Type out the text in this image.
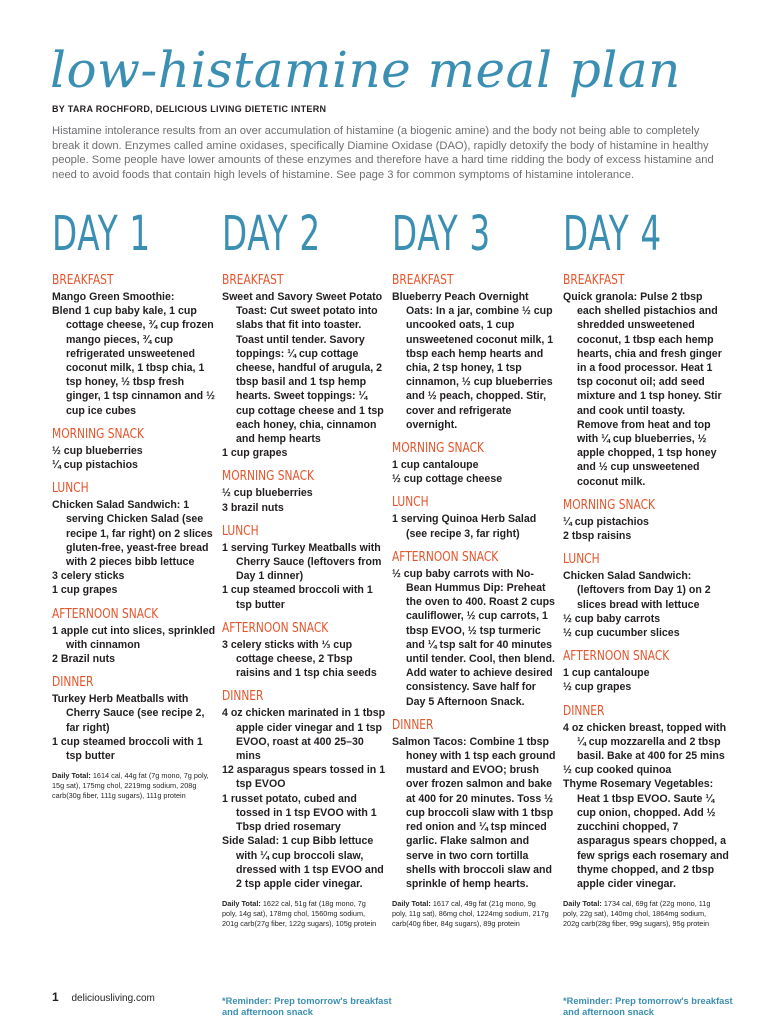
low-histamine meal plan
BY TARA ROCHFORD, DELICIOUS LIVING DIETETIC INTERN

Histamine intolerance results from an over accumulation of histamine (a biogenic amine) and the body not being able to completely break it down. Enzymes called amine oxidases, specifically Diamine Oxidase (DAO), rapidly detoxify the body of histamine in healthy people. Some people have lower amounts of these enzymes and therefore have a hard time ridding the body of excess histamine and need to avoid foods that contain high levels of histamine. See page 3 for common symptoms of histamine intolerance.

DAY 1
BREAKFAST
Mango Green Smoothie:
Blend 1 cup baby kale, 1 cup cottage cheese, ¾ cup frozen mango pieces, ¾ cup refrigerated unsweetened coconut milk, 1 tbsp chia, 1 tsp honey, ½ tbsp fresh ginger, 1 tsp cinnamon and ½ cup ice cubes
MORNING SNACK
½ cup blueberries
¼ cup pistachios
LUNCH
Chicken Salad Sandwich: 1 serving Chicken Salad (see recipe 1, far right) on 2 slices gluten-free, yeast-free bread with 2 pieces bibb lettuce
3 celery sticks
1 cup grapes
AFTERNOON SNACK
1 apple cut into slices, sprinkled with cinnamon
2 Brazil nuts
DINNER
Turkey Herb Meatballs with Cherry Sauce (see recipe 2, far right)
1 cup steamed broccoli with 1 tsp butter
Daily Total: 1614 cal, 44g fat (7g mono, 7g poly, 15g sat), 175mg chol, 2219mg sodium, 208g carb(30g fiber, 111g sugars), 111g protein
DAY 2
BREAKFAST
Sweet and Savory Sweet Potato Toast: Cut sweet potato into slabs that fit into toaster. Toast until tender. Savory toppings: ¼ cup cottage cheese, handful of arugula, 2 tbsp basil and 1 tsp hemp hearts. Sweet toppings: ¼ cup cottage cheese and 1 tsp each honey, chia, cinnamon and hemp hearts
1 cup grapes
MORNING SNACK
½ cup blueberries
3 brazil nuts
LUNCH
1 serving Turkey Meatballs with Cherry Sauce (leftovers from Day 1 dinner)
1 cup steamed broccoli with 1 tsp butter
AFTERNOON SNACK
3 celery sticks with ⅓ cup cottage cheese, 2 Tbsp raisins and 1 tsp chia seeds
DINNER
4 oz chicken marinated in 1 tbsp apple cider vinegar and 1 tsp EVOO, roast at 400 25–30 mins
12 asparagus spears tossed in 1 tsp EVOO
1 russet potato, cubed and tossed in 1 tsp EVOO with 1 Tbsp dried rosemary
Side Salad: 1 cup Bibb lettuce with ¼ cup broccoli slaw, dressed with 1 tsp EVOO and 2 tsp apple cider vinegar.
Daily Total: 1622 cal, 51g fat (18g mono, 7g poly, 14g sat), 178mg chol, 1560mg sodium, 201g carb(27g fiber, 122g sugars), 105g protein
DAY 3
BREAKFAST
Blueberry Peach Overnight Oats: In a jar, combine ½ cup uncooked oats, 1 cup unsweetened coconut milk, 1 tbsp each hemp hearts and chia, 2 tsp honey, 1 tsp cinnamon, ½ cup blueberries and ½ peach, chopped. Stir, cover and refrigerate overnight.
MORNING SNACK
1 cup cantaloupe
½ cup cottage cheese
LUNCH
1 serving Quinoa Herb Salad (see recipe 3, far right)
AFTERNOON SNACK
½ cup baby carrots with No-Bean Hummus Dip: Preheat the oven to 400. Roast 2 cups cauliflower, ½ cup carrots, 1 tbsp EVOO, ½ tsp turmeric and ¼ tsp salt for 40 minutes until tender. Cool, then blend. Add water to achieve desired consistency. Save half for Day 5 Afternoon Snack.
DINNER
Salmon Tacos: Combine 1 tbsp honey with 1 tsp each ground mustard and EVOO; brush over frozen salmon and bake at 400 for 20 minutes. Toss ½ cup broccoli slaw with 1 tbsp red onion and ¼ tsp minced garlic. Flake salmon and serve in two corn tortilla shells with broccoli slaw and sprinkle of hemp hearts.
Daily Total: 1617 cal, 49g fat (21g mono, 9g poly, 11g sat), 86mg chol, 1224mg sodium, 217g carb(40g fiber, 84g sugars), 89g protein
DAY 4
BREAKFAST
Quick granola: Pulse 2 tbsp each shelled pistachios and shredded unsweetened coconut, 1 tbsp each hemp hearts, chia and fresh ginger in a food processor. Heat 1 tsp coconut oil; add seed mixture and 1 tsp honey. Stir and cook until toasty. Remove from heat and top with ¼ cup blueberries, ½ apple chopped, 1 tsp honey and ½ cup unsweetened coconut milk.
MORNING SNACK
¼ cup pistachios
2 tbsp raisins
LUNCH
Chicken Salad Sandwich: (leftovers from Day 1) on 2 slices bread with lettuce
½ cup baby carrots
½ cup cucumber slices
AFTERNOON SNACK
1 cup cantaloupe
½ cup grapes
DINNER
4 oz chicken breast, topped with ¼ cup mozzarella and 2 tbsp basil. Bake at 400 for 25 mins
½ cup cooked quinoa
Thyme Rosemary Vegetables: Heat 1 tbsp EVOO. Saute ¼ cup onion, chopped. Add ½ zucchini chopped, 7 asparagus spears chopped, a few sprigs each rosemary and thyme chopped, and 2 tbsp apple cider vinegar.
Daily Total: 1734 cal, 69g fat (22g mono, 11g poly, 22g sat), 140mg chol, 1864mg sodium, 202g carb(28g fiber, 99g sugars), 95g protein
1 deliciousliving.com	*Reminder: Prep tomorrow's breakfast and afternoon snack
*Reminder: Prep tomorrow's breakfast and afternoon snack
